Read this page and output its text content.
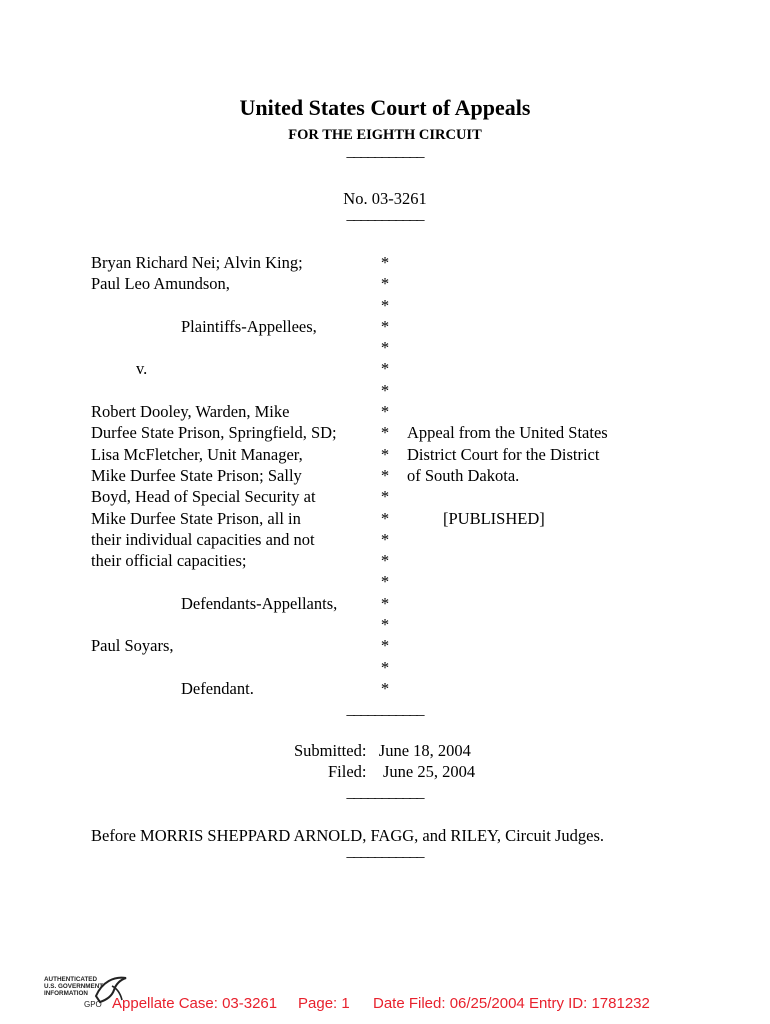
United States Court of Appeals
FOR THE EIGHTH CIRCUIT
___________
No. 03-3261
___________
Bryan Richard Nei; Alvin King;
Paul Leo Amundson,

Plaintiffs-Appellees,

v.

Robert Dooley, Warden, Mike
Durfee State Prison, Springfield, SD;
Lisa McFletcher, Unit Manager,
Mike Durfee State Prison; Sally
Boyd, Head of Special Security at
Mike Durfee State Prison, all in
their individual capacities and not
their official capacities;

Defendants-Appellants,

Paul Soyars,

Defendant.
*
*
*
*
*
*
*
*
*
*
*
*
*
*
*
*
*
*
*
*
*
Appeal from the United States
District Court for the District
of South Dakota.

[PUBLISHED]
___________
Submitted: June 18, 2004
Filed: June 25, 2004
___________
Before MORRIS SHEPPARD ARNOLD, FAGG, and RILEY, Circuit Judges.
___________
AUTHENTICATED
U.S. GOVERNMENT
INFORMATION
GPO Appellate Case: 03-3261 Page: 1 Date Filed: 06/25/2004 Entry ID: 1781232
